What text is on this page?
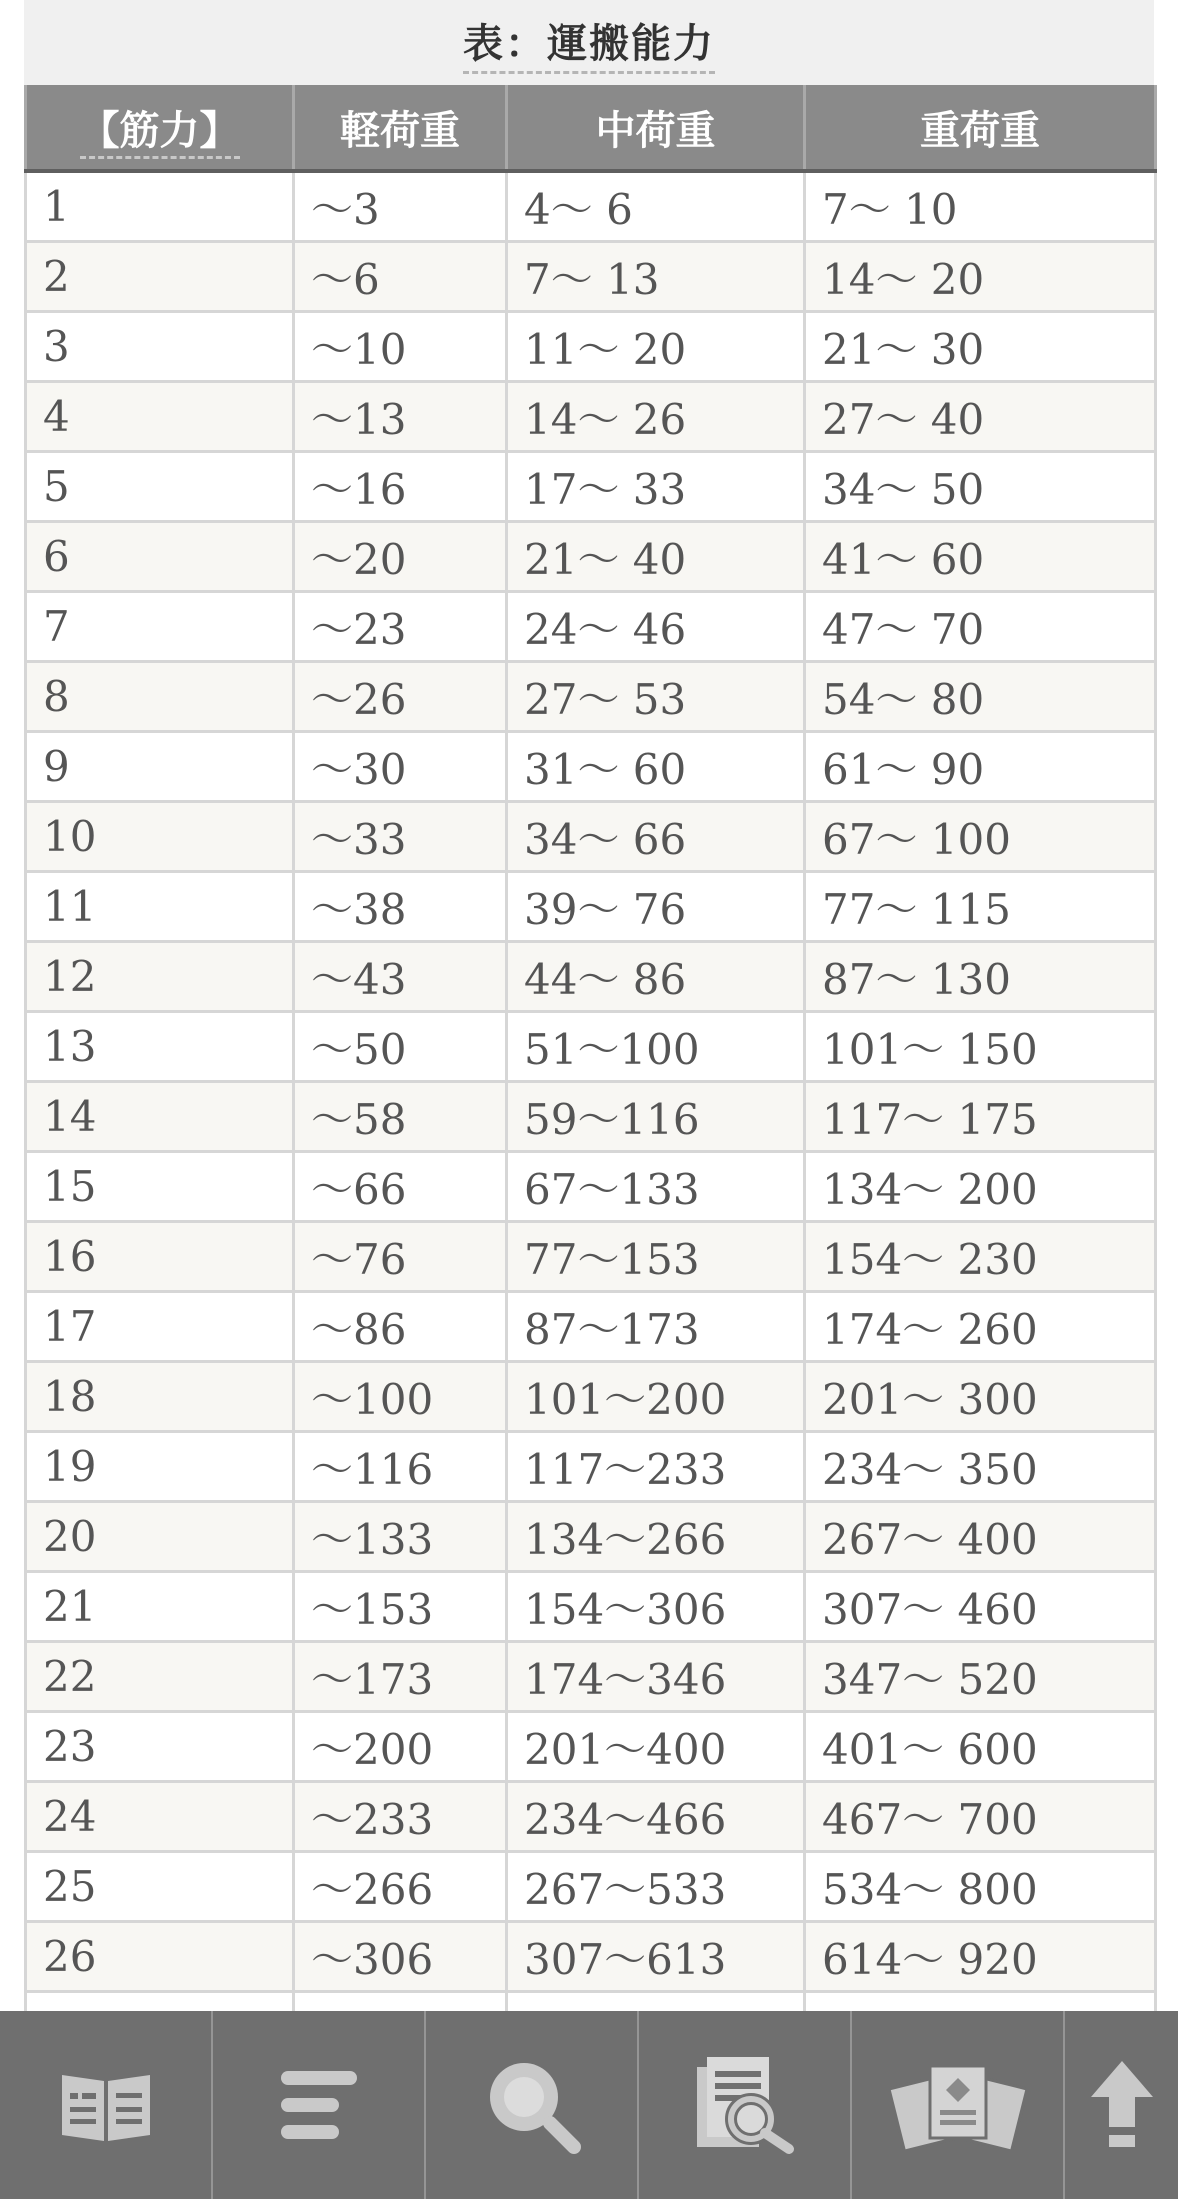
表：運搬能力
【筋力】	軽荷重	中荷重	重荷重
1	～3	4～ 6	7～ 10
2	～6	7～ 13	14～ 20
3	～10	11～ 20	21～ 30
4	～13	14～ 26	27～ 40
5	～16	17～ 33	34～ 50
6	～20	21～ 40	41～ 60
7	～23	24～ 46	47～ 70
8	～26	27～ 53	54～ 80
9	～30	31～ 60	61～ 90
10	～33	34～ 66	67～ 100
11	～38	39～ 76	77～ 115
12	～43	44～ 86	87～ 130
13	～50	51～100	101～ 150
14	～58	59～116	117～ 175
15	～66	67～133	134～ 200
16	～76	77～153	154～ 230
17	～86	87～173	174～ 260
18	～100	101～200	201～ 300
19	～116	117～233	234～ 350
20	～133	134～266	267～ 400
21	～153	154～306	307～ 460
22	～173	174～346	347～ 520
23	～200	201～400	401～ 600
24	～233	234～466	467～ 700
25	～266	267～533	534～ 800
26	～306	307～613	614～ 920
